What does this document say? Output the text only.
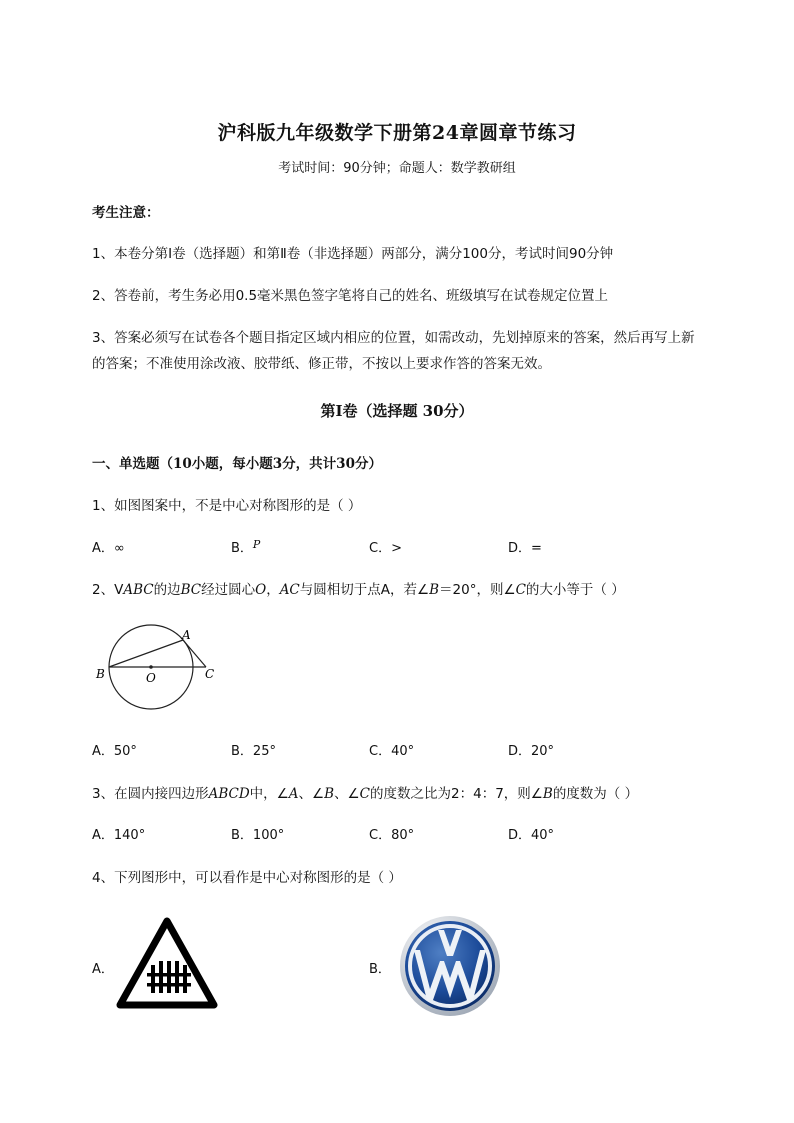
沪科版九年级数学下册第24章圆章节练习
考试时间：90分钟；命题人：数学教研组
考生注意：
1、本卷分第I卷（选择题）和第Ⅱ卷（非选择题）两部分，满分100分，考试时间90分钟
2、答卷前，考生务必用0.5毫米黑色签字笔将自己的姓名、班级填写在试卷规定位置上
3、答案必须写在试卷各个题目指定区域内相应的位置，如需改动，先划掉原来的答案，然后再写上新
的答案；不准使用涂改液、胶带纸、修正带，不按以上要求作答的答案无效。
第I卷（选择题 30分）
一、单选题（10小题，每小题3分，共计30分）
1、如图图案中，不是中心对称图形的是（ ）
A．∞	B．$^P$	C．>	D．=
2、VABC的边BC经过圆心O，AC与圆相切于点A，若∠B＝20°，则∠C的大小等于（ ）
A
B	O	C
A．50°	B．25°	C．40°	D．20°
3、在圆内接四边形ABCD中，∠A、∠B、∠C的度数之比为2：4：7，则∠B的度数为（ ）
A．140°	B．100°	C．80°	D．40°
4、下列图形中，可以看作是中心对称图形的是（ ）
A．	B．
